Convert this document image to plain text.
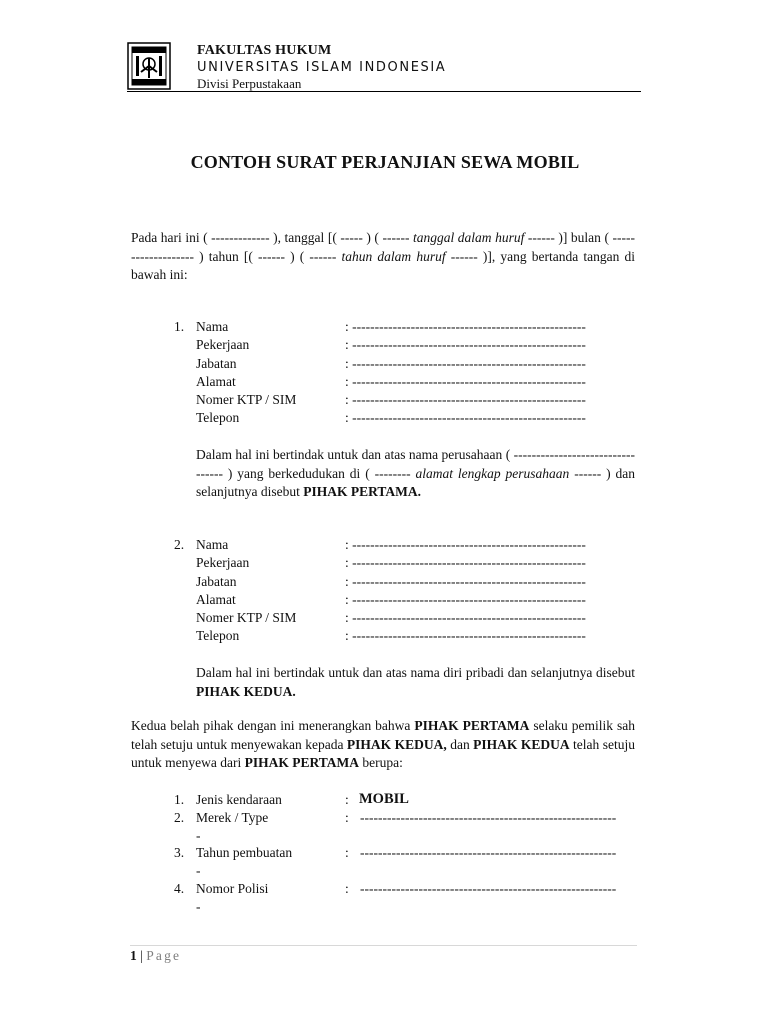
FAKULTAS HUKUM
UNIVERSITAS ISLAM INDONESIA
Divisi Perpustakaan
CONTOH SURAT PERJANJIAN SEWA MOBIL
Pada hari ini ( ------------- ), tanggal [( ----- ) ( ------ tanggal dalam huruf ------ )] bulan ( ------------------- ) tahun [( ------ ) ( ------ tahun dalam huruf ------ )], yang bertanda tangan di bawah ini:
1. Nama	: ----------------------------------------------------
Pekerjaan	: ----------------------------------------------------
Jabatan	: ----------------------------------------------------
Alamat	: ----------------------------------------------------
Nomer KTP / SIM	: ----------------------------------------------------
Telepon	: ----------------------------------------------------
Dalam hal ini bertindak untuk dan atas nama perusahaan ( --------------------------------- ) yang berkedudukan di ( -------- alamat lengkap perusahaan ------ ) dan selanjutnya disebut PIHAK PERTAMA.
2. Nama	: ----------------------------------------------------
Pekerjaan	: ----------------------------------------------------
Jabatan	: ----------------------------------------------------
Alamat	: ----------------------------------------------------
Nomer KTP / SIM	: ----------------------------------------------------
Telepon	: ----------------------------------------------------
Dalam hal ini bertindak untuk dan atas nama diri pribadi dan selanjutnya disebut PIHAK KEDUA.
Kedua belah pihak dengan ini menerangkan bahwa PIHAK PERTAMA selaku pemilik sah telah setuju untuk menyewakan kepada PIHAK KEDUA, dan PIHAK KEDUA telah setuju untuk menyewa dari PIHAK PERTAMA berupa:
1. Jenis kendaraan	: MOBIL
2. Merek / Type	: ---------------------------------------------------------
-
3. Tahun pembuatan	: ---------------------------------------------------------
-
4. Nomor Polisi	: ---------------------------------------------------------
-
1 | Page
